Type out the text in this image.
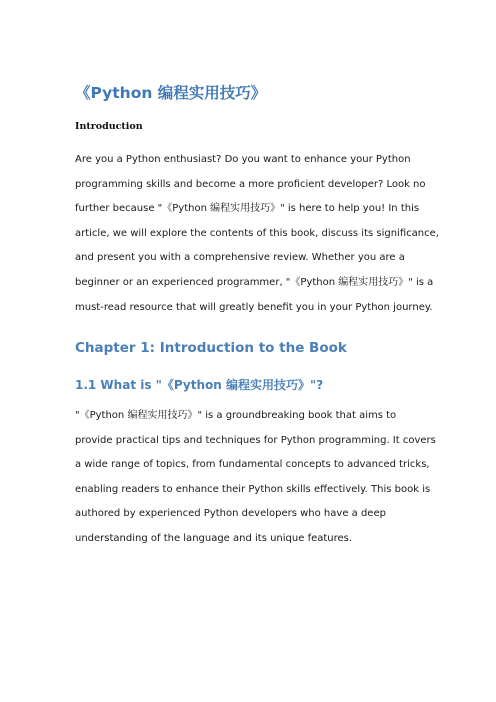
《Python 编程实用技巧》
Introduction

Are you a Python enthusiast? Do you want to enhance your Python
programming skills and become a more proficient developer? Look no
further because "《Python 编程实用技巧》" is here to help you! In this
article, we will explore the contents of this book, discuss its significance,
and present you with a comprehensive review. Whether you are a
beginner or an experienced programmer, "《Python 编程实用技巧》" is a
must-read resource that will greatly benefit you in your Python journey.

Chapter 1: Introduction to the Book
1.1 What is "《Python 编程实用技巧》"?

"《Python 编程实用技巧》" is a groundbreaking book that aims to
provide practical tips and techniques for Python programming. It covers
a wide range of topics, from fundamental concepts to advanced tricks,
enabling readers to enhance their Python skills effectively. This book is
authored by experienced Python developers who have a deep
understanding of the language and its unique features.
